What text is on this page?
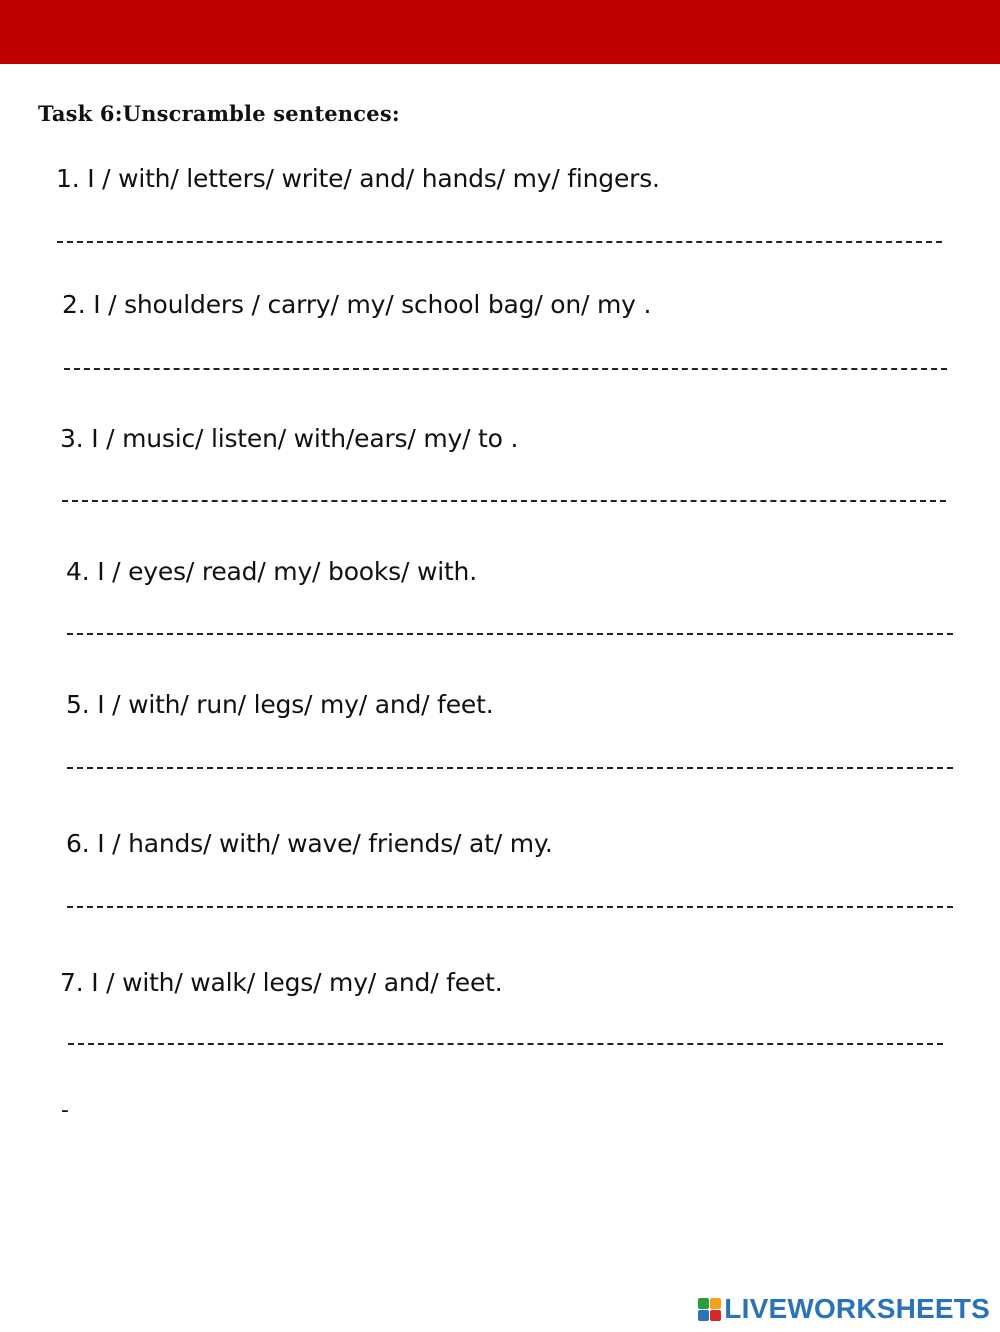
Task 6:Unscramble sentences:
1. I / with/ letters/ write/ and/ hands/ my/ fingers.
2. I / shoulders / carry/ my/ school bag/ on/ my .
3. I / music/ listen/ with/ears/ my/ to .
4. I / eyes/ read/ my/ books/ with.
5. I / with/ run/ legs/ my/ and/ feet.
6. I / hands/ with/ wave/ friends/ at/ my.
7. I / with/ walk/ legs/ my/ and/ feet.
-
LIVEWORKSHEETS
